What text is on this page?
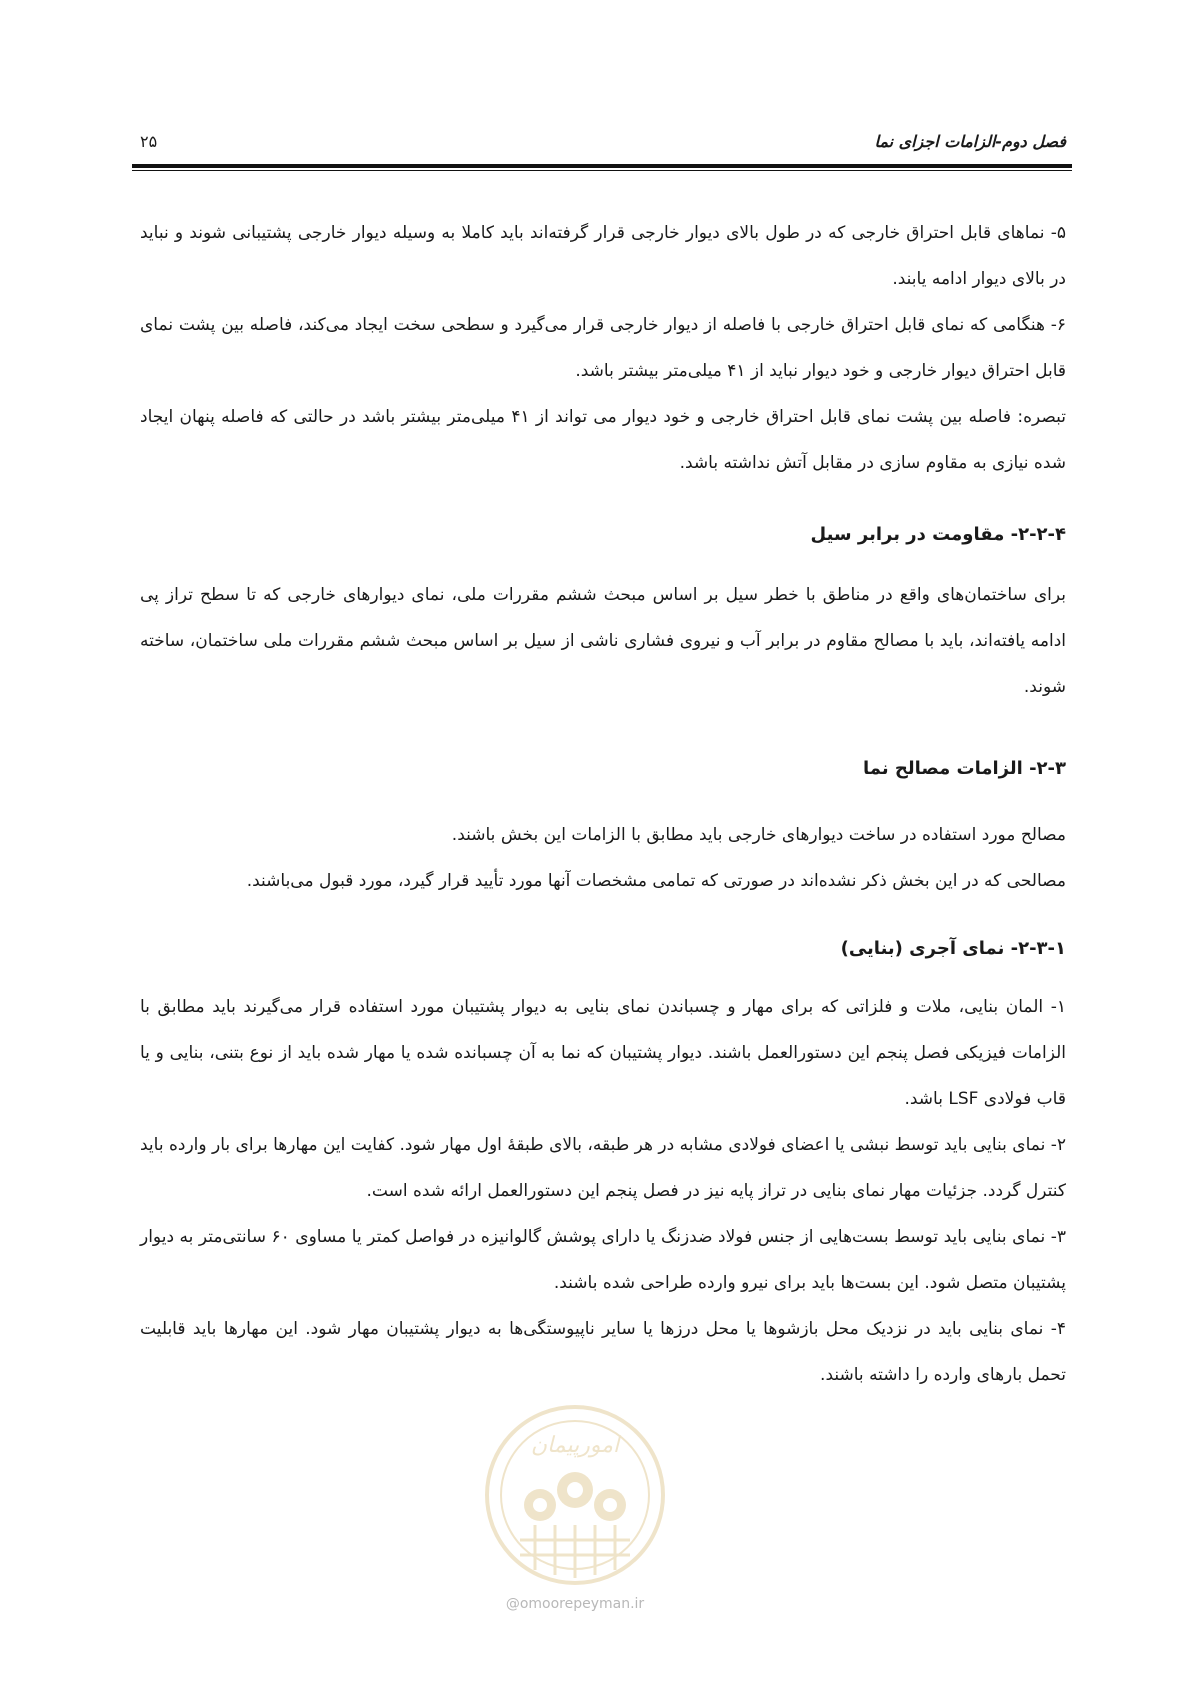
فصل دوم-الزامات اجزای نما
۲۵

۵- نماهای قابل احتراق خارجی که در طول بالای دیوار خارجی قرار گرفته‌اند باید کاملا به وسیله دیوار خارجی پشتیبانی شوند و نباید در بالای دیوار ادامه یابند.

۶- هنگامی که نمای قابل احتراق خارجی با فاصله از دیوار خارجی قرار می‌گیرد و سطحی سخت ایجاد می‌کند، فاصله بین پشت نمای قابل احتراق دیوار خارجی و خود دیوار نباید از ۴۱ میلی‌متر بیشتر باشد.

تبصره: فاصله بین پشت نمای قابل احتراق خارجی و خود دیوار می تواند از ۴۱ میلی‌متر بیشتر باشد در حالتی که فاصله پنهان ایجاد شده نیازی به مقاوم سازی در مقابل آتش نداشته باشد.

۲-۲-۴- مقاومت در برابر سیل

برای ساختمان‌های واقع در مناطق با خطر سیل بر اساس مبحث ششم مقررات ملی، نمای دیوارهای خارجی که تا سطح تراز پی ادامه یافته‌اند، باید با مصالح مقاوم در برابر آب و نیروی فشاری ناشی از سیل بر اساس مبحث ششم مقررات ملی ساختمان، ساخته شوند.

۲-۳- الزامات مصالح نما

مصالح مورد استفاده در ساخت دیوارهای خارجی باید مطابق با الزامات این بخش باشند.

مصالحی که در این بخش ذکر نشده‌اند در صورتی که تمامی مشخصات آنها مورد تأیید قرار گیرد، مورد قبول می‌باشند.

۲-۳-۱- نمای آجری (بنایی)

۱- المان بنایی، ملات و فلزاتی که برای مهار و چسباندن نمای بنایی به دیوار پشتیبان مورد استفاده قرار می‌گیرند باید مطابق با الزامات فیزیکی فصل پنجم این دستورالعمل باشند. دیوار پشتیبان که نما به آن چسبانده شده یا مهار شده باید از نوع بتنی، بنایی و یا قاب فولادی LSF باشد.

۲- نمای بنایی باید توسط نبشی یا اعضای فولادی مشابه در هر طبقه، بالای طبقهٔ اول مهار شود. کفایت این مهارها برای بار وارده باید کنترل گردد. جزئیات مهار نمای بنایی در تراز پایه نیز در فصل پنجم این دستورالعمل ارائه شده است.

۳- نمای بنایی باید توسط بست‌هایی از جنس فولاد ضدزنگ یا دارای پوشش گالوانیزه در فواصل کمتر یا مساوی ۶۰ سانتی‌متر به دیوار پشتیبان متصل شود. این بست‌ها باید برای نیرو وارده طراحی شده باشند.

۴- نمای بنایی باید در نزدیک محل بازشوها یا محل درزها یا سایر ناپیوستگی‌ها به دیوار پشتیبان مهار شود. این مهارها باید قابلیت تحمل بارهای وارده را داشته باشند.

امورپیمان
@omoorepeyman.ir
